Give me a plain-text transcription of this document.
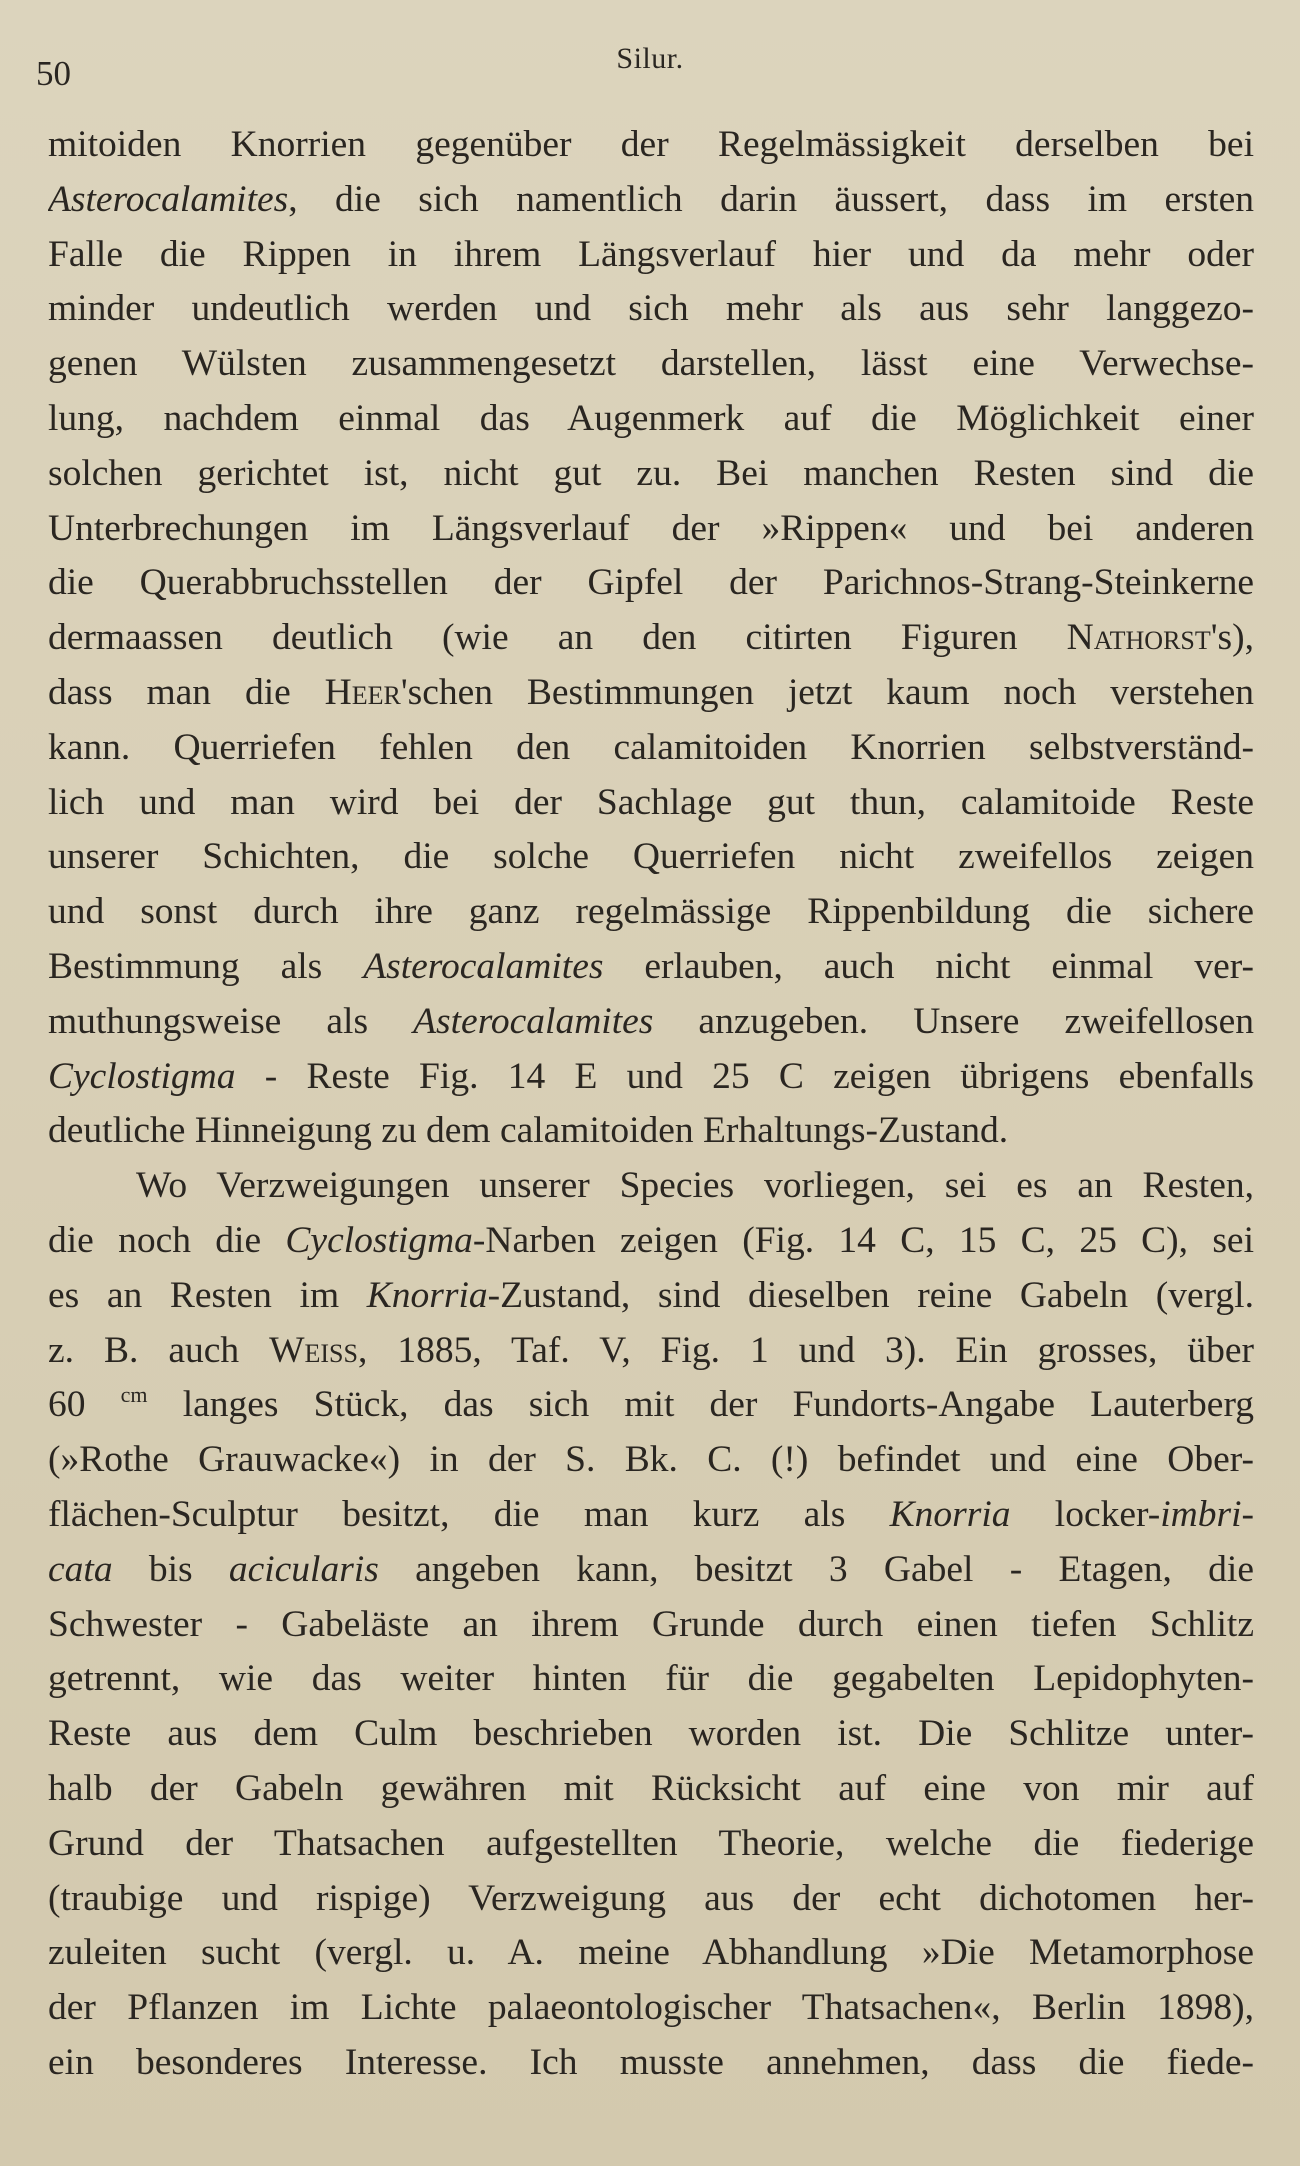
50	Silur.
mitoiden Knorrien gegenüber der Regelmässigkeit derselben bei
Asterocalamites, die sich namentlich darin äussert, dass im ersten
Falle die Rippen in ihrem Längsverlauf hier und da mehr oder
minder undeutlich werden und sich mehr als aus sehr langgezo-
genen Wülsten zusammengesetzt darstellen, lässt eine Verwechse-
lung, nachdem einmal das Augenmerk auf die Möglichkeit einer
solchen gerichtet ist, nicht gut zu. Bei manchen Resten sind die
Unterbrechungen im Längsverlauf der »Rippen« und bei anderen
die Querabbruchsstellen der Gipfel der Parichnos-Strang-Steinkerne
dermaassen deutlich (wie an den citirten Figuren Nathorst's),
dass man die Heer'schen Bestimmungen jetzt kaum noch verstehen
kann. Querriefen fehlen den calamitoiden Knorrien selbstverständ-
lich und man wird bei der Sachlage gut thun, calamitoide Reste
unserer Schichten, die solche Querriefen nicht zweifellos zeigen
und sonst durch ihre ganz regelmässige Rippenbildung die sichere
Bestimmung als Asterocalamites erlauben, auch nicht einmal ver-
muthungsweise als Asterocalamites anzugeben. Unsere zweifellosen
Cyclostigma - Reste Fig. 14 E und 25 C zeigen übrigens ebenfalls
deutliche Hinneigung zu dem calamitoiden Erhaltungs-Zustand.
Wo Verzweigungen unserer Species vorliegen, sei es an Resten,
die noch die Cyclostigma-Narben zeigen (Fig. 14 C, 15 C, 25 C), sei
es an Resten im Knorria-Zustand, sind dieselben reine Gabeln (vergl.
z. B. auch Weiss, 1885, Taf. V, Fig. 1 und 3). Ein grosses, über
60 $^{cm}$ langes Stück, das sich mit der Fundorts-Angabe Lauterberg
(»Rothe Grauwacke«) in der S. Bk. C. (!) befindet und eine Ober-
flächen-Sculptur besitzt, die man kurz als Knorria locker-imbri-
cata bis acicularis angeben kann, besitzt 3 Gabel - Etagen, die
Schwester - Gabeläste an ihrem Grunde durch einen tiefen Schlitz
getrennt, wie das weiter hinten für die gegabelten Lepidophyten-
Reste aus dem Culm beschrieben worden ist. Die Schlitze unter-
halb der Gabeln gewähren mit Rücksicht auf eine von mir auf
Grund der Thatsachen aufgestellten Theorie, welche die fiederige
(traubige und rispige) Verzweigung aus der echt dichotomen her-
zuleiten sucht (vergl. u. A. meine Abhandlung »Die Metamorphose
der Pflanzen im Lichte palaeontologischer Thatsachen«, Berlin 1898),
ein besonderes Interesse. Ich musste annehmen, dass die fiede-
